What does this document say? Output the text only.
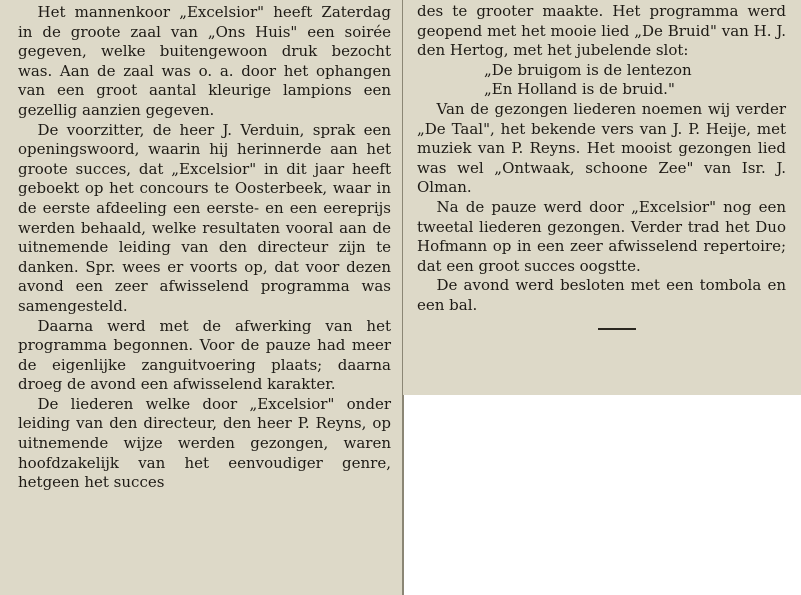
Het mannenkoor „Excelsior" heeft Zaterdag in de groote zaal van „Ons Huis" een soirée gegeven, welke buitengewoon druk bezocht was. Aan de zaal was o. a. door het ophangen van een groot aantal kleurige lampions een gezellig aanzien gegeven.

De voorzitter, de heer J. Verduin, sprak een openingswoord, waarin hij herinnerde aan het groote succes, dat „Excelsior" in dit jaar heeft geboekt op het concours te Oosterbeek, waar in de eerste afdeeling een eerste- en een eereprijs werden behaald, welke resultaten vooral aan de uitnemende leiding van den directeur zijn te danken. Spr. wees er voorts op, dat voor dezen avond een zeer afwisselend programma was samengesteld.

Daarna werd met de afwerking van het programma begonnen. Voor de pauze had meer de eigenlijke zanguitvoering plaats; daarna droeg de avond een afwisselend karakter.

De liederen welke door „Excelsior" onder leiding van den directeur, den heer P. Reyns, op uitnemende wijze werden gezongen, waren hoofdzakelijk van het eenvoudiger genre, hetgeen het succes

des te grooter maakte. Het programma werd geopend met het mooie lied „De Bruid" van H. J. den Hertog, met het jubelende slot:

„De bruigom is de lentezon
„En Holland is de bruid."

Van de gezongen liederen noemen wij verder „De Taal", het bekende vers van J. P. Heije, met muziek van P. Reyns. Het mooist gezongen lied was wel „Ontwaak, schoone Zee" van Isr. J. Olman.

Na de pauze werd door „Excelsior" nog een tweetal liederen gezongen. Verder trad het Duo Hofmann op in een zeer afwisselend repertoire; dat een groot succes oogstte.

De avond werd besloten met een tombola en een bal.
